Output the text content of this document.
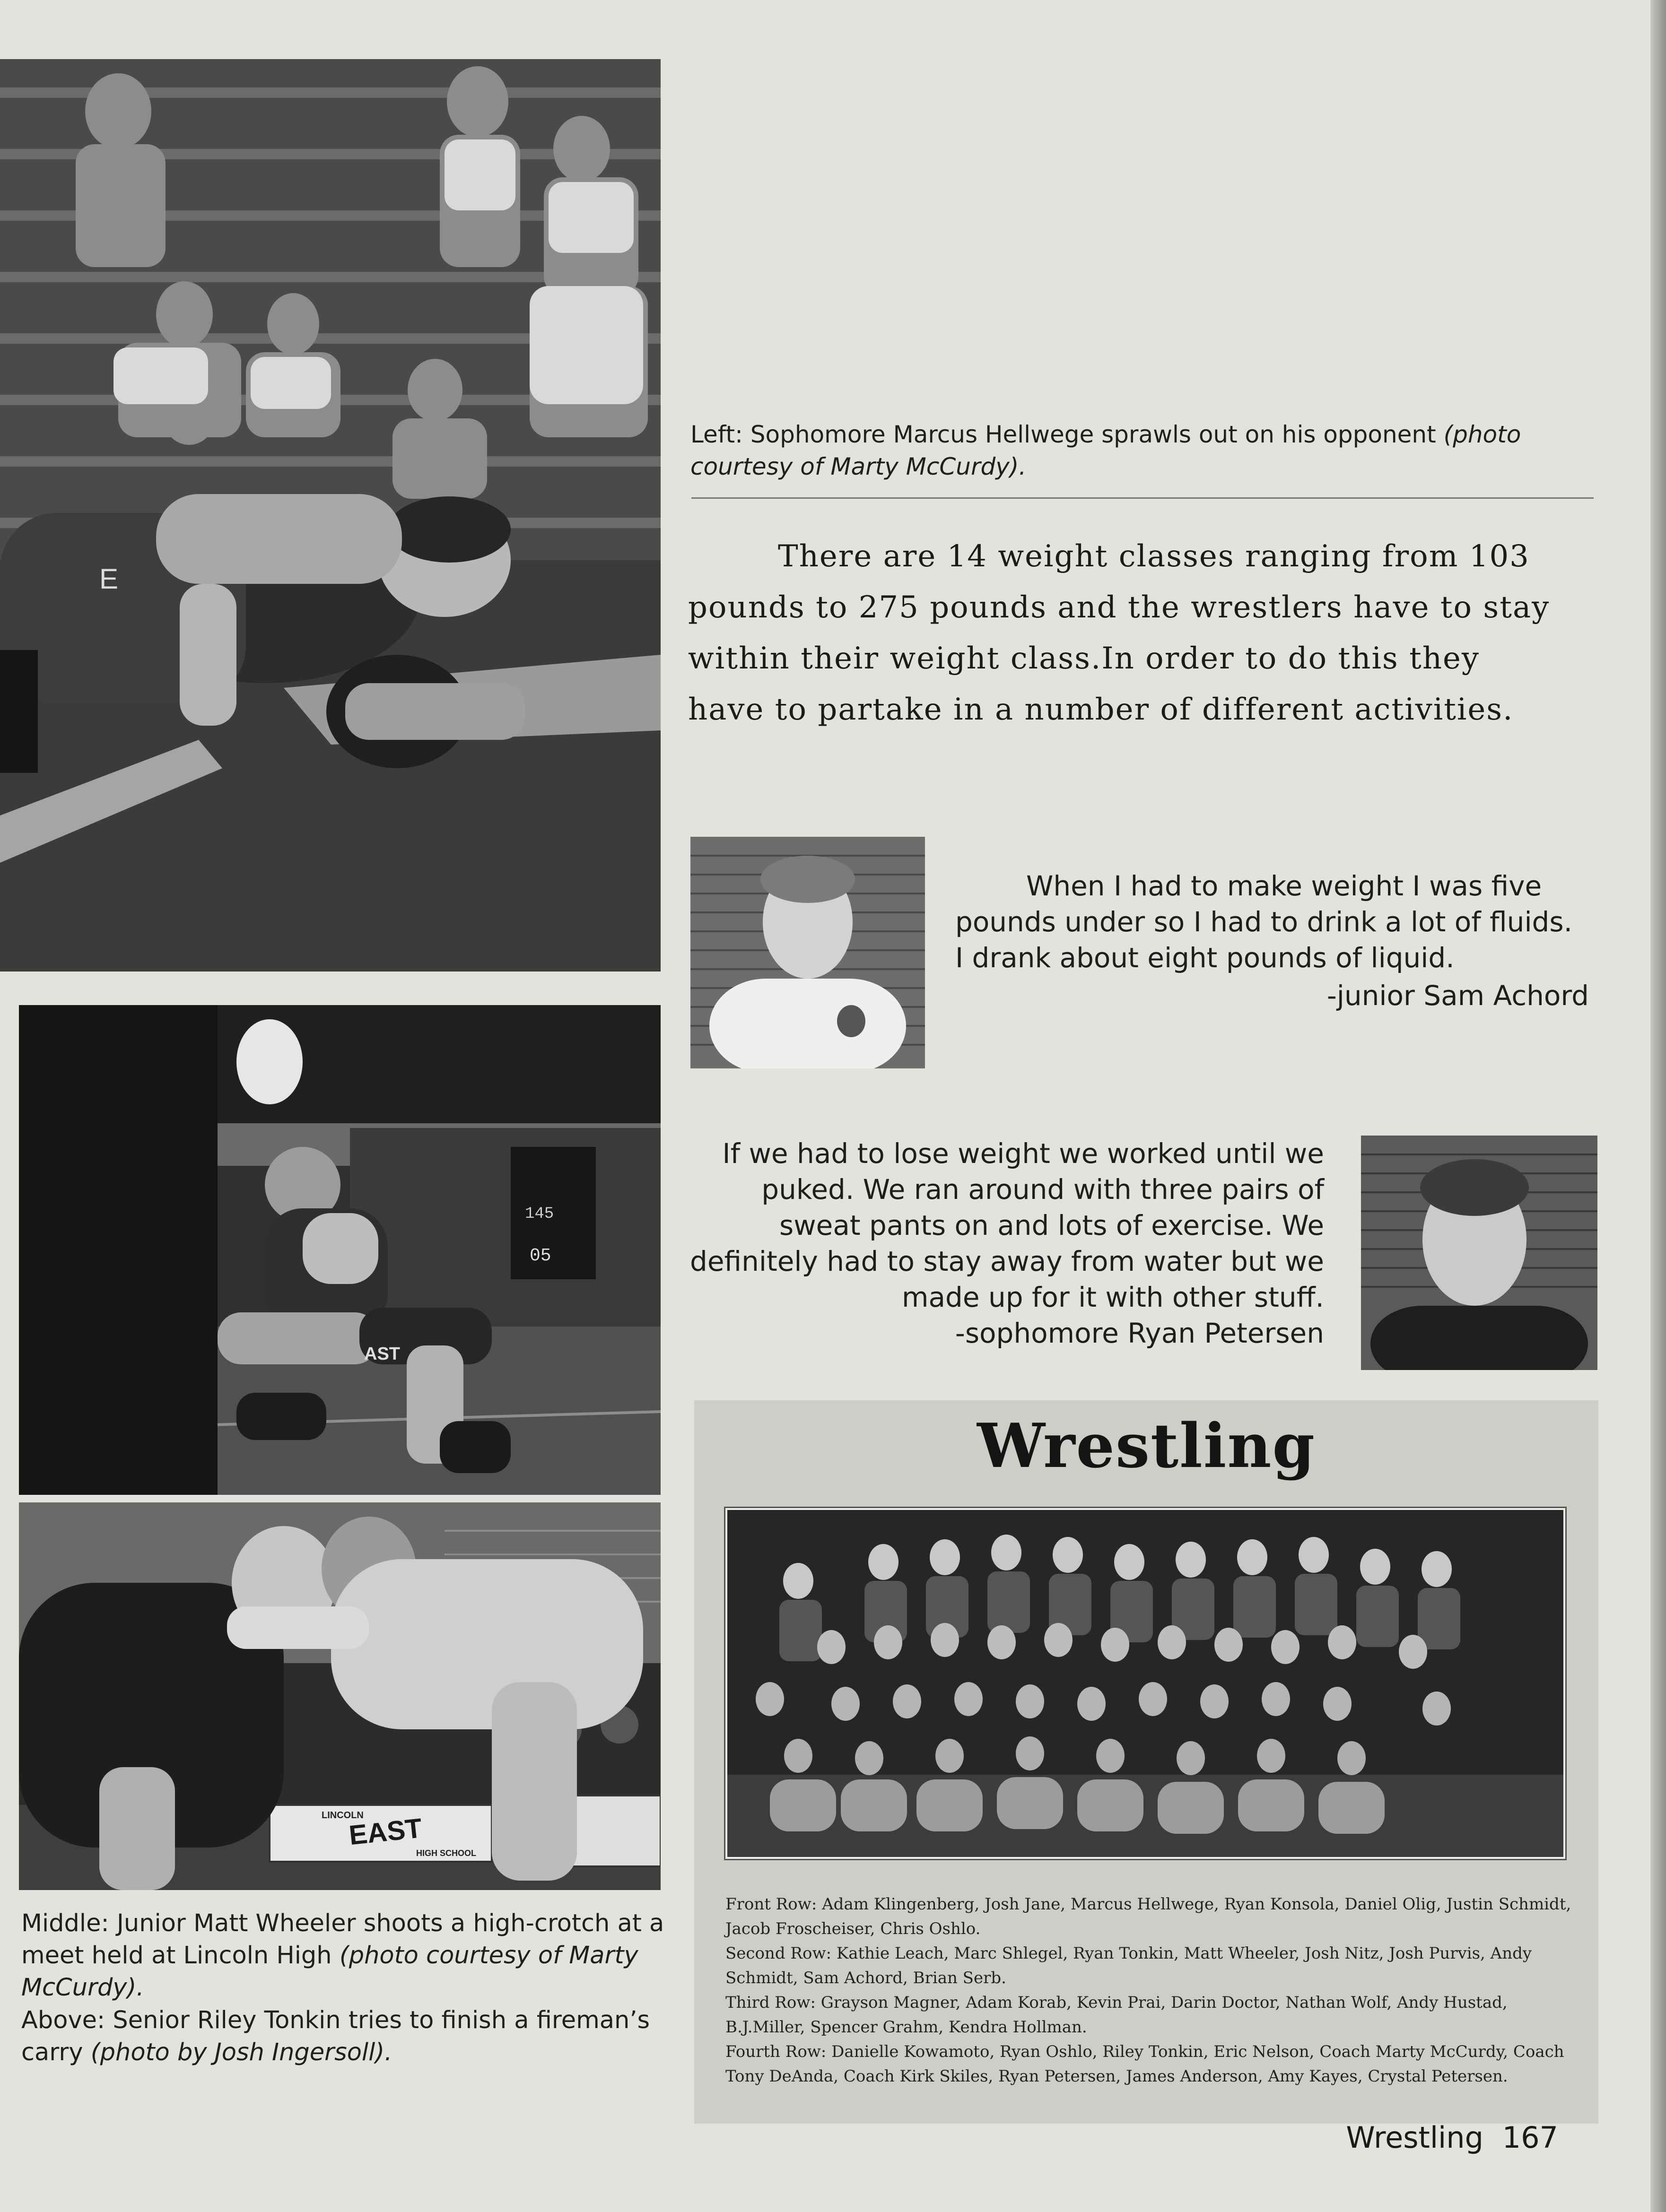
E
145
05
AST
LINCOLN
EAST
HIGH SCHOOL
Left: Sophomore Marcus Hellwege sprawls out on his opponent (photo courtesy of Marty McCurdy).
There are 14 weight classes ranging from 103 pounds to 275 pounds and the wrestlers have to stay within their weight class.In order to do this they have to partake in a number of different activities.
When I had to make weight I was five pounds under so I had to drink a lot of fluids. I drank about eight pounds of liquid.
-junior Sam Achord
If we had to lose weight we worked until we puked. We ran around with three pairs of sweat pants on and lots of exercise. We definitely had to stay away from water but we made up for it with other stuff.
-sophomore Ryan Petersen
Wrestling

Front Row: Adam Klingenberg, Josh Jane, Marcus Hellwege, Ryan Konsola, Daniel Olig, Justin Schmidt, Jacob Froscheiser, Chris Oshlo.

Second Row: Kathie Leach, Marc Shlegel, Ryan Tonkin, Matt Wheeler, Josh Nitz, Josh Purvis, Andy Schmidt, Sam Achord, Brian Serb.

Third Row: Grayson Magner, Adam Korab, Kevin Prai, Darin Doctor, Nathan Wolf, Andy Hustad, B.J.Miller, Spencer Grahm, Kendra Hollman.

Fourth Row: Danielle Kowamoto, Ryan Oshlo, Riley Tonkin, Eric Nelson, Coach Marty McCurdy, Coach Tony DeAnda, Coach Kirk Skiles, Ryan Petersen, James Anderson, Amy Kayes, Crystal Petersen.

Middle: Junior Matt Wheeler shoots a high-crotch at a meet held at Lincoln High (photo courtesy of Marty McCurdy).
Above: Senior Riley Tonkin tries to finish a fireman’s carry (photo by Josh Ingersoll).
Wrestling 167
